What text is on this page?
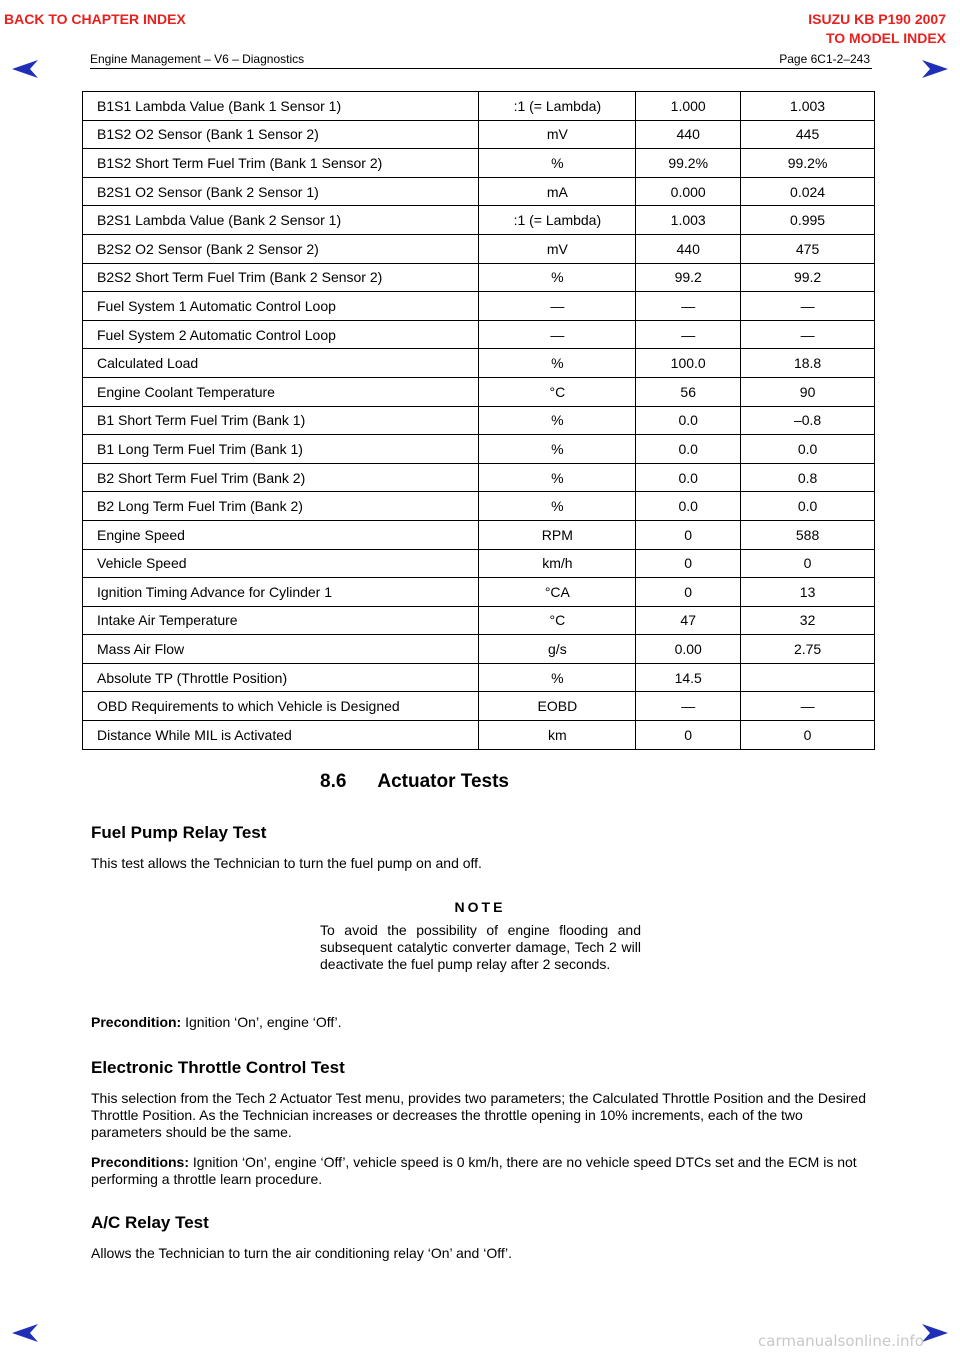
BACK TO CHAPTER INDEX	ISUZU KB P190 2007
TO MODEL INDEX
Engine Management – V6 – Diagnostics	Page 6C1-2–243
B1S1 Lambda Value (Bank 1 Sensor 1)	:1 (= Lambda)	1.000	1.003
B1S2 O2 Sensor (Bank 1 Sensor 2)	mV	440	445
B1S2 Short Term Fuel Trim (Bank 1 Sensor 2)	%	99.2%	99.2%
B2S1 O2 Sensor (Bank 2 Sensor 1)	mA	0.000	0.024
B2S1 Lambda Value (Bank 2 Sensor 1)	:1 (= Lambda)	1.003	0.995
B2S2 O2 Sensor (Bank 2 Sensor 2)	mV	440	475
B2S2 Short Term Fuel Trim (Bank 2 Sensor 2)	%	99.2	99.2
Fuel System 1 Automatic Control Loop	—	—	—
Fuel System 2 Automatic Control Loop	—	—	—
Calculated Load	%	100.0	18.8
Engine Coolant Temperature	°C	56	90
B1 Short Term Fuel Trim (Bank 1)	%	0.0	–0.8
B1 Long Term Fuel Trim (Bank 1)	%	0.0	0.0
B2 Short Term Fuel Trim (Bank 2)	%	0.0	0.8
B2 Long Term Fuel Trim (Bank 2)	%	0.0	0.0
Engine Speed	RPM	0	588
Vehicle Speed	km/h	0	0
Ignition Timing Advance for Cylinder 1	°CA	0	13
Intake Air Temperature	°C	47	32
Mass Air Flow	g/s	0.00	2.75
Absolute TP (Throttle Position)	%	14.5	
OBD Requirements to which Vehicle is Designed	EOBD	—	—
Distance While MIL is Activated	km	0	0
8.6      Actuator Tests
Fuel Pump Relay Test
This test allows the Technician to turn the fuel pump on and off.
NOTE
To avoid the possibility of engine flooding and subsequent catalytic converter damage, Tech 2 will deactivate the fuel pump relay after 2 seconds.
Precondition: Ignition ‘On’, engine ‘Off’.
Electronic Throttle Control Test
This selection from the Tech 2 Actuator Test menu, provides two parameters; the Calculated Throttle Position and the Desired Throttle Position. As the Technician increases or decreases the throttle opening in 10% increments, each of the two parameters should be the same.
Preconditions: Ignition ‘On’, engine ‘Off’, vehicle speed is 0 km/h, there are no vehicle speed DTCs set and the ECM is not performing a throttle learn procedure.
A/C Relay Test
Allows the Technician to turn the air conditioning relay ‘On’ and ‘Off’.
carmanualsonline.info
